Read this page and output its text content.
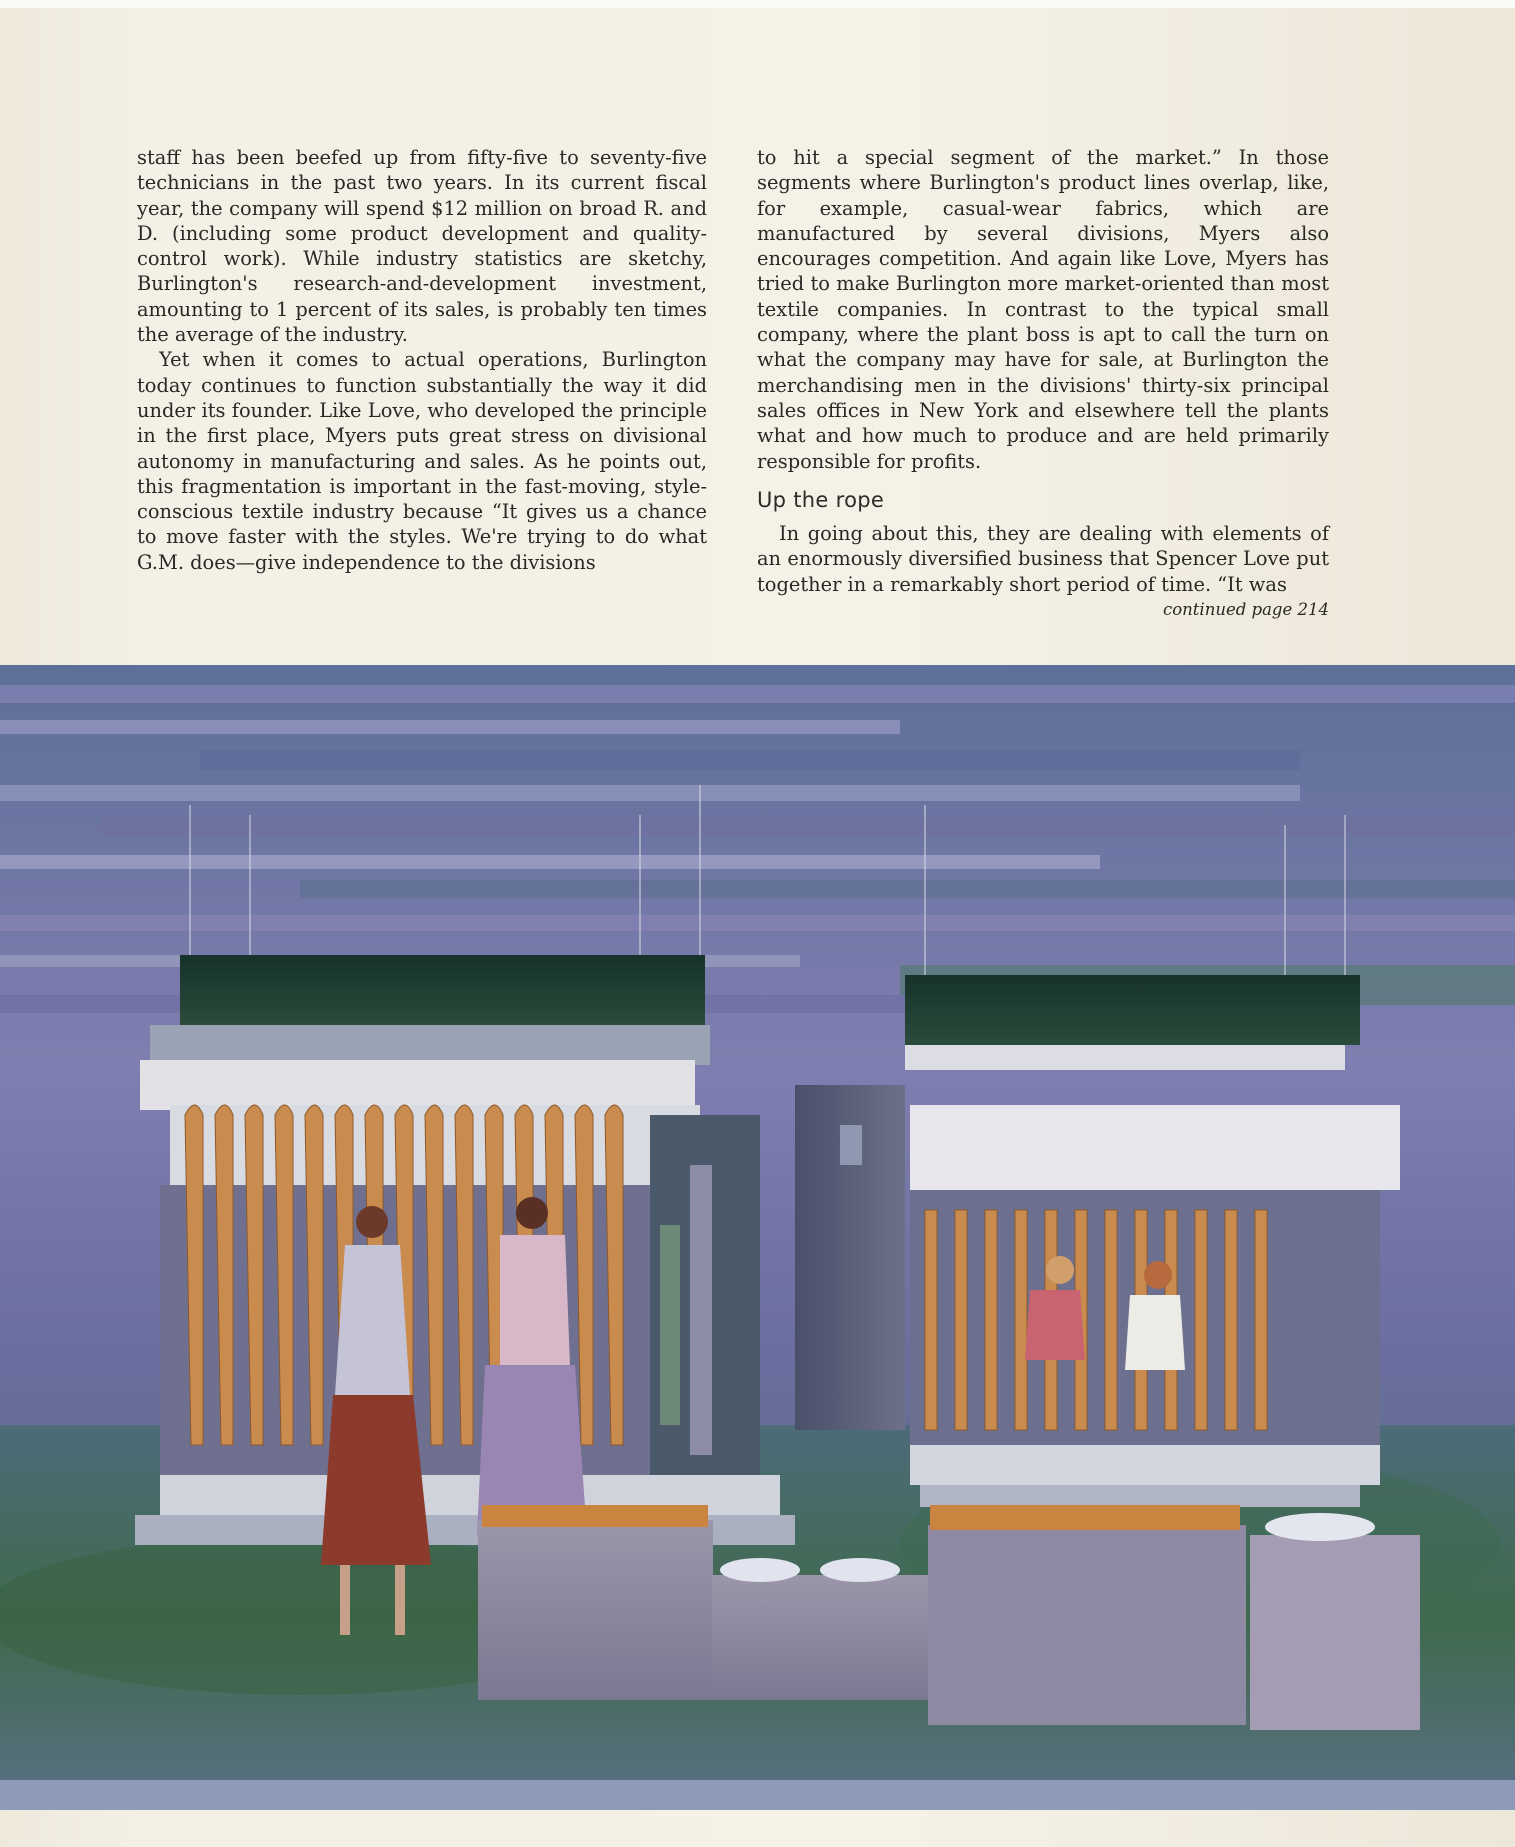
staff has been beefed up from fifty-five to seventy-five technicians in the past two years. In its current fiscal year, the company will spend $12 million on broad R. and D. (including some product development and quality-control work). While industry statistics are sketchy, Burlington's research-and-development investment, amounting to 1 percent of its sales, is probably ten times the average of the industry.

Yet when it comes to actual operations, Burlington today continues to function substantially the way it did under its founder. Like Love, who developed the principle in the first place, Myers puts great stress on divisional autonomy in manufacturing and sales. As he points out, this fragmentation is important in the fast-moving, style-conscious textile industry because “It gives us a chance to move faster with the styles. We're trying to do what G.M. does—give independence to the divisions

to hit a special segment of the market.” In those segments where Burlington's product lines overlap, like, for example, casual-wear fabrics, which are manufactured by several divisions, Myers also encourages competition. And again like Love, Myers has tried to make Burlington more market-oriented than most textile companies. In contrast to the typical small company, where the plant boss is apt to call the turn on what the company may have for sale, at Burlington the merchandising men in the divisions' thirty-six principal sales offices in New York and elsewhere tell the plants what and how much to produce and are held primarily responsible for profits.

Up the rope

In going about this, they are dealing with elements of an enormously diversified business that Spencer Love put together in a remarkably short period of time. “It was

continued page 214
